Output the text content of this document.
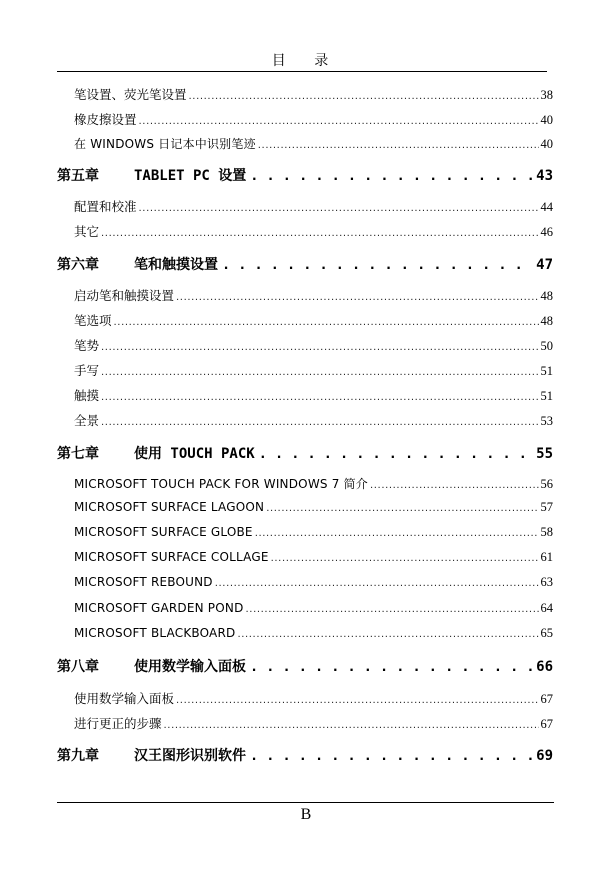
目 录
笔设置、荧光笔设置 .....	38
橡皮擦设置 .....	40
在 WINDOWS 日记本中识别笔迹 .....	40
第五章	TABLET PC 设置 . . .	43
配置和校准 .....	44
其它 .....	46
第六章	笔和触摸设置 . . .	47
启动笔和触摸设置 .....	48
笔选项 .....	48
笔势 .....	50
手写 .....	51
触摸 .....	51
全景 .....	53
第七章	使用 TOUCH PACK . . .	55
MICROSOFT TOUCH PACK FOR WINDOWS 7 简介 .....	56
MICROSOFT SURFACE LAGOON .....	57
MICROSOFT SURFACE GLOBE .....	58
MICROSOFT SURFACE COLLAGE .....	61
MICROSOFT REBOUND .....	63
MICROSOFT GARDEN POND .....	64
MICROSOFT BLACKBOARD .....	65
第八章	使用数学输入面板 . . .	66
使用数学输入面板 .....	67
进行更正的步骤 .....	67
第九章	汉王图形识别软件 . . .	69
B
